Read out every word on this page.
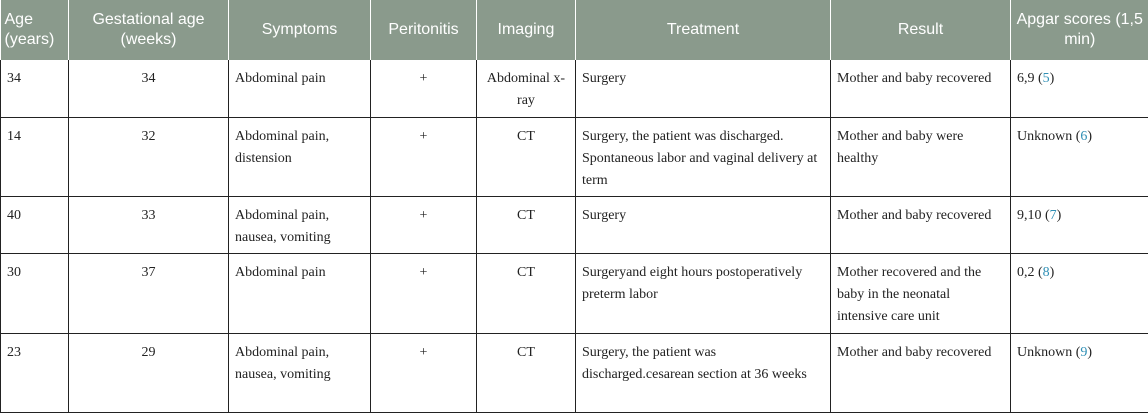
Age (years)	Gestational age (weeks)	Symptoms	Peritonitis	Imaging	Treatment	Result	Apgar scores (1,5 min)
34	34	Abdominal pain	+	Abdominal x-ray	Surgery	Mother and baby recovered	6,9 (5)
14	32	Abdominal pain, distension	+	CT	Surgery, the patient was discharged. Spontaneous labor and vaginal delivery at term	Mother and baby were healthy	Unknown (6)
40	33	Abdominal pain, nausea, vomiting	+	CT	Surgery	Mother and baby recovered	9,10 (7)
30	37	Abdominal pain	+	CT	Surgeryand eight hours postoperatively preterm labor	Mother recovered and the baby in the neonatal intensive care unit	0,2 (8)
23	29	Abdominal pain, nausea, vomiting	+	CT	Surgery, the patient was discharged.cesarean section at 36 weeks	Mother and baby recovered	Unknown (9)
